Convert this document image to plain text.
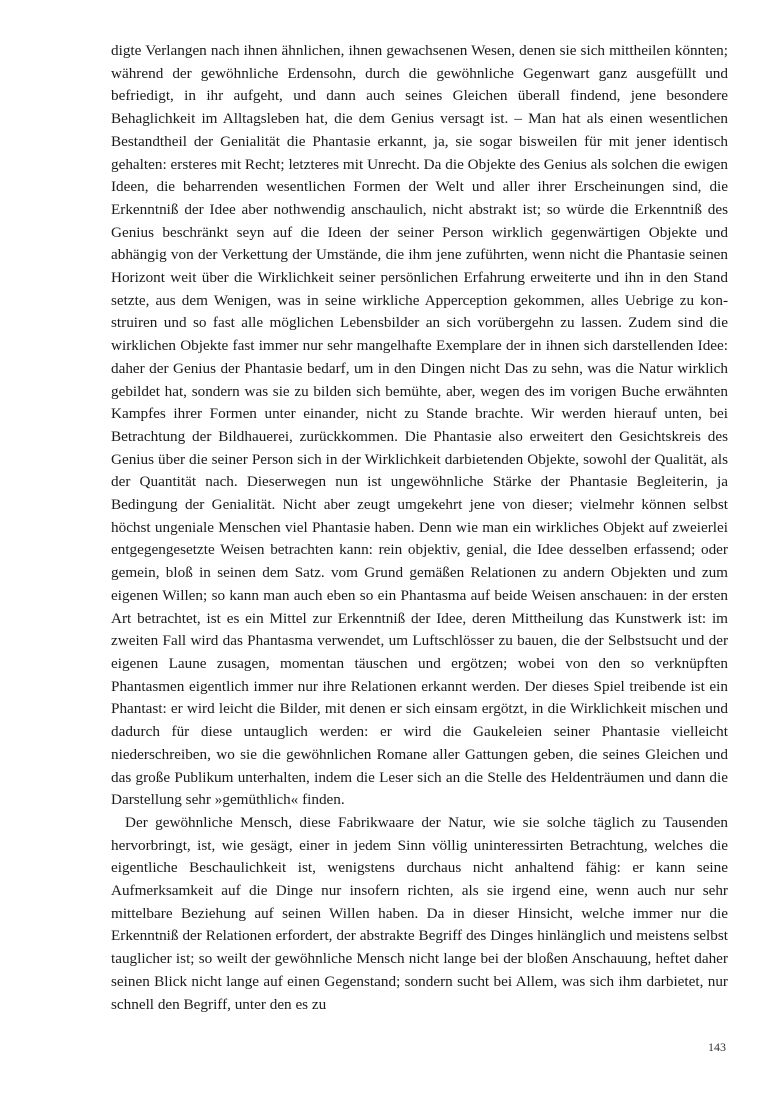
digte Verlangen nach ihnen ähnlichen, ihnen gewachsenen Wesen, denen sie sich mittheilen könnten; während der gewöhnliche Erdensohn, durch die gewöhnliche Gegenwart ganz ausgefüllt und befriedigt, in ihr aufgeht, und dann auch seines Gleichen überall findend, jene besondere Behaglichkeit im Alltagsleben hat, die dem Genius versagt ist. – Man hat als einen wesentlichen Bestandtheil der Genialität die Phantasie erkannt, ja, sie sogar bisweilen für mit jener identisch gehalten: ersteres mit Recht; letzteres mit Unrecht. Da die Objekte des Genius als solchen die ewigen Ideen, die beharrenden wesentlichen Formen der Welt und aller ihrer Erscheinungen sind, die Erkenntniß der Idee aber nothwendig anschaulich, nicht abstrakt ist; so würde die Erkenntniß des Genius beschränkt seyn auf die Ideen der seiner Person wirklich gegenwärtigen Objekte und abhängig von der Verkettung der Umstände, die ihm jene zuführten, wenn nicht die Phantasie seinen Horizont weit über die Wirklichkeit seiner persönlichen Erfahrung erweiterte und ihn in den Stand setzte, aus dem Wenigen, was in seine wirkliche Apperception gekommen, alles Uebrige zu konstruiren und so fast alle möglichen Lebensbilder an sich vorübergehn zu lassen. Zudem sind die wirklichen Objekte fast immer nur sehr mangelhafte Exemplare der in ihnen sich darstellenden Idee: daher der Genius der Phantasie bedarf, um in den Dingen nicht Das zu sehn, was die Natur wirklich gebildet hat, sondern was sie zu bilden sich bemühte, aber, wegen des im vorigen Buche erwähnten Kampfes ihrer Formen unter einander, nicht zu Stande brachte. Wir werden hierauf unten, bei Betrachtung der Bildhauerei, zurückkommen. Die Phantasie also erweitert den Gesichtskreis des Genius über die seiner Person sich in der Wirklichkeit darbietenden Objekte, sowohl der Qualität, als der Quantität nach. Dieserwegen nun ist ungewöhnliche Stärke der Phantasie Begleiterin, ja Bedingung der Genialität. Nicht aber zeugt umgekehrt jene von dieser; vielmehr können selbst höchst ungeniale Menschen viel Phantasie haben. Denn wie man ein wirkliches Objekt auf zweierlei entgegengesetzte Weisen betrachten kann: rein objektiv, genial, die Idee desselben erfassend; oder gemein, bloß in seinen dem Satz. vom Grund gemäßen Relationen zu andern Objekten und zum eigenen Willen; so kann man auch eben so ein Phantasma auf beide Weisen anschauen: in der ersten Art betrachtet, ist es ein Mittel zur Erkenntniß der Idee, deren Mittheilung das Kunstwerk ist: im zweiten Fall wird das Phantasma verwendet, um Luftschlösser zu bauen, die der Selbstsucht und der eigenen Laune zusagen, momentan täuschen und ergötzen; wobei von den so verknüpften Phantasmen eigentlich immer nur ihre Relationen erkannt werden. Der dieses Spiel treibende ist ein Phantast: er wird leicht die Bilder, mit denen er sich einsam ergötzt, in die Wirklichkeit mischen und dadurch für diese untauglich werden: er wird die Gaukeleien seiner Phantasie vielleicht niederschreiben, wo sie die gewöhnlichen Romane aller Gattungen geben, die seines Gleichen und das große Publikum unterhalten, indem die Leser sich an die Stelle des Heldenträumen und dann die Darstellung sehr »gemüthlich« finden.

Der gewöhnliche Mensch, diese Fabrikwaare der Natur, wie sie solche täglich zu Tausenden hervorbringt, ist, wie gesägt, einer in jedem Sinn völlig uninteressirten Betrachtung, welches die eigentliche Beschaulichkeit ist, wenigstens durchaus nicht anhaltend fähig: er kann seine Aufmerksamkeit auf die Dinge nur insofern richten, als sie irgend eine, wenn auch nur sehr mittelbare Beziehung auf seinen Willen haben. Da in dieser Hinsicht, welche immer nur die Erkenntniß der Relationen erfordert, der abstrakte Begriff des Dinges hinlänglich und meistens selbst tauglicher ist; so weilt der gewöhnliche Mensch nicht lange bei der bloßen Anschauung, heftet daher seinen Blick nicht lange auf einen Gegenstand; sondern sucht bei Allem, was sich ihm darbietet, nur schnell den Begriff, unter den es zu

143
